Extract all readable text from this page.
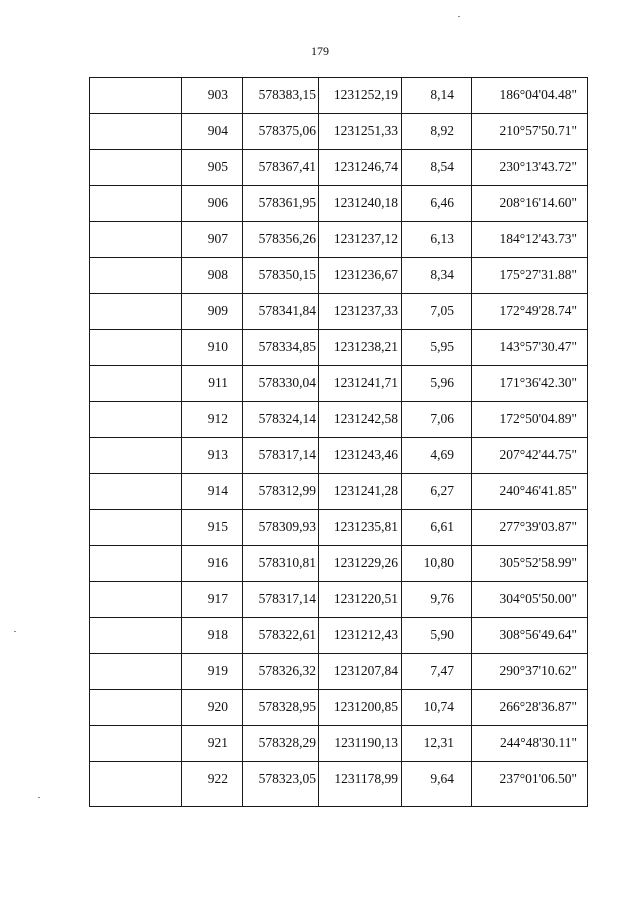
179
	903	578383,15	1231252,19	8,14	186°04'04.48"
	904	578375,06	1231251,33	8,92	210°57'50.71"
	905	578367,41	1231246,74	8,54	230°13'43.72"
	906	578361,95	1231240,18	6,46	208°16'14.60"
	907	578356,26	1231237,12	6,13	184°12'43.73"
	908	578350,15	1231236,67	8,34	175°27'31.88"
	909	578341,84	1231237,33	7,05	172°49'28.74"
	910	578334,85	1231238,21	5,95	143°57'30.47"
	911	578330,04	1231241,71	5,96	171°36'42.30"
	912	578324,14	1231242,58	7,06	172°50'04.89"
	913	578317,14	1231243,46	4,69	207°42'44.75"
	914	578312,99	1231241,28	6,27	240°46'41.85"
	915	578309,93	1231235,81	6,61	277°39'03.87"
	916	578310,81	1231229,26	10,80	305°52'58.99"
	917	578317,14	1231220,51	9,76	304°05'50.00"
	918	578322,61	1231212,43	5,90	308°56'49.64"
	919	578326,32	1231207,84	7,47	290°37'10.62"
	920	578328,95	1231200,85	10,74	266°28'36.87"
	921	578328,29	1231190,13	12,31	244°48'30.11"
	922	578323,05	1231178,99	9,64	237°01'06.50"
